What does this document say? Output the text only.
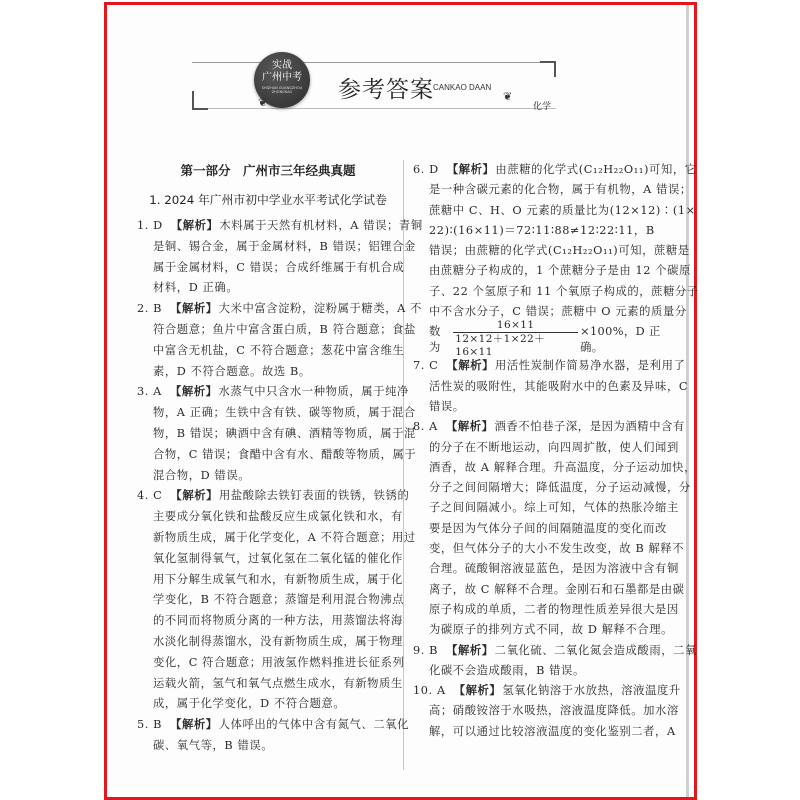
实战
广州中考
SHIZHAN GUANGZHOU ZHONGKAO
❦	参考答案 CANKAO DAAN
❦
化学
第一部分　广州市三年经典真题
1. 2024 年广州市初中学业水平考试化学试卷
1. D 【解析】木料属于天然有机材料，A 错误；青铜
是铜、锡合金，属于金属材料，B 错误；铝锂合金
属于金属材料，C 错误；合成纤维属于有机合成
材料，D 正确。
2. B 【解析】大米中富含淀粉，淀粉属于糖类，A 不
符合题意；鱼片中富含蛋白质，B 符合题意；食盐
中富含无机盐，C 不符合题意；葱花中富含维生
素，D 不符合题意。故选 B。
3. A 【解析】水蒸气中只含水一种物质，属于纯净
物，A 正确；生铁中含有铁、碳等物质，属于混合
物，B 错误；碘酒中含有碘、酒精等物质，属于混
合物，C 错误；食醋中含有水、醋酸等物质，属于
混合物，D 错误。
4. C 【解析】用盐酸除去铁钉表面的铁锈，铁锈的
主要成分氧化铁和盐酸反应生成氯化铁和水，有
新物质生成，属于化学变化，A 不符合题意；用过
氧化氢制得氧气，过氧化氢在二氧化锰的催化作
用下分解生成氧气和水，有新物质生成，属于化
学变化，B 不符合题意；蒸馏是利用混合物沸点
的不同而将物质分离的一种方法，用蒸馏法将海
水淡化制得蒸馏水，没有新物质生成，属于物理
变化，C 符合题意；用液氢作燃料推进长征系列
运载火箭，氢气和氧气点燃生成水，有新物质生
成，属于化学变化，D 不符合题意。
5. B 【解析】人体呼出的气体中含有氮气、二氧化
碳、氧气等，B 错误。
6. D 【解析】由蔗糖的化学式(C₁₂H₂₂O₁₁)可知，它
是一种含碳元素的化合物，属于有机物，A 错误；
蔗糖中 C、H、O 元素的质量比为(12×12)∶(1×
22)∶(16×11)＝72∶11∶88≠12∶22∶11，B
错误；由蔗糖的化学式(C₁₂H₂₂O₁₁)可知，蔗糖是
由蔗糖分子构成的，1 个蔗糖分子是由 12 个碳原
子、22 个氢原子和 11 个氧原子构成的，蔗糖分子
中不含水分子，C 错误；蔗糖中 O 元素的质量分
数为	$\frac{16\times 11}{12\times 12+1\times 22+16\times 11} \times 100\%$，D 正确。
7. C 【解析】用活性炭制作简易净水器，是利用了
活性炭的吸附性，其能吸附水中的色素及异味，C
错误。
8. A 【解析】酒香不怕巷子深，是因为酒精中含有
的分子在不断地运动，向四周扩散，使人们闻到
酒香，故 A 解释合理。升高温度，分子运动加快，
分子之间间隔增大；降低温度，分子运动减慢，分
子之间间隔减小。综上可知，气体的热胀冷缩主
要是因为气体分子间的间隔随温度的变化而改
变，但气体分子的大小不发生改变，故 B 解释不
合理。硫酸铜溶液显蓝色，是因为溶液中含有铜
离子，故 C 解释不合理。金刚石和石墨都是由碳
原子构成的单质，二者的物理性质差异很大是因
为碳原子的排列方式不同，故 D 解释不合理。
9. B 【解析】二氧化硫、二氧化氮会造成酸雨，二氧
化碳不会造成酸雨，B 错误。
10. A 【解析】氢氧化钠溶于水放热，溶液温度升
高；硝酸铵溶于水吸热，溶液温度降低。加水溶
解，可以通过比较溶液温度的变化鉴别二者，A
